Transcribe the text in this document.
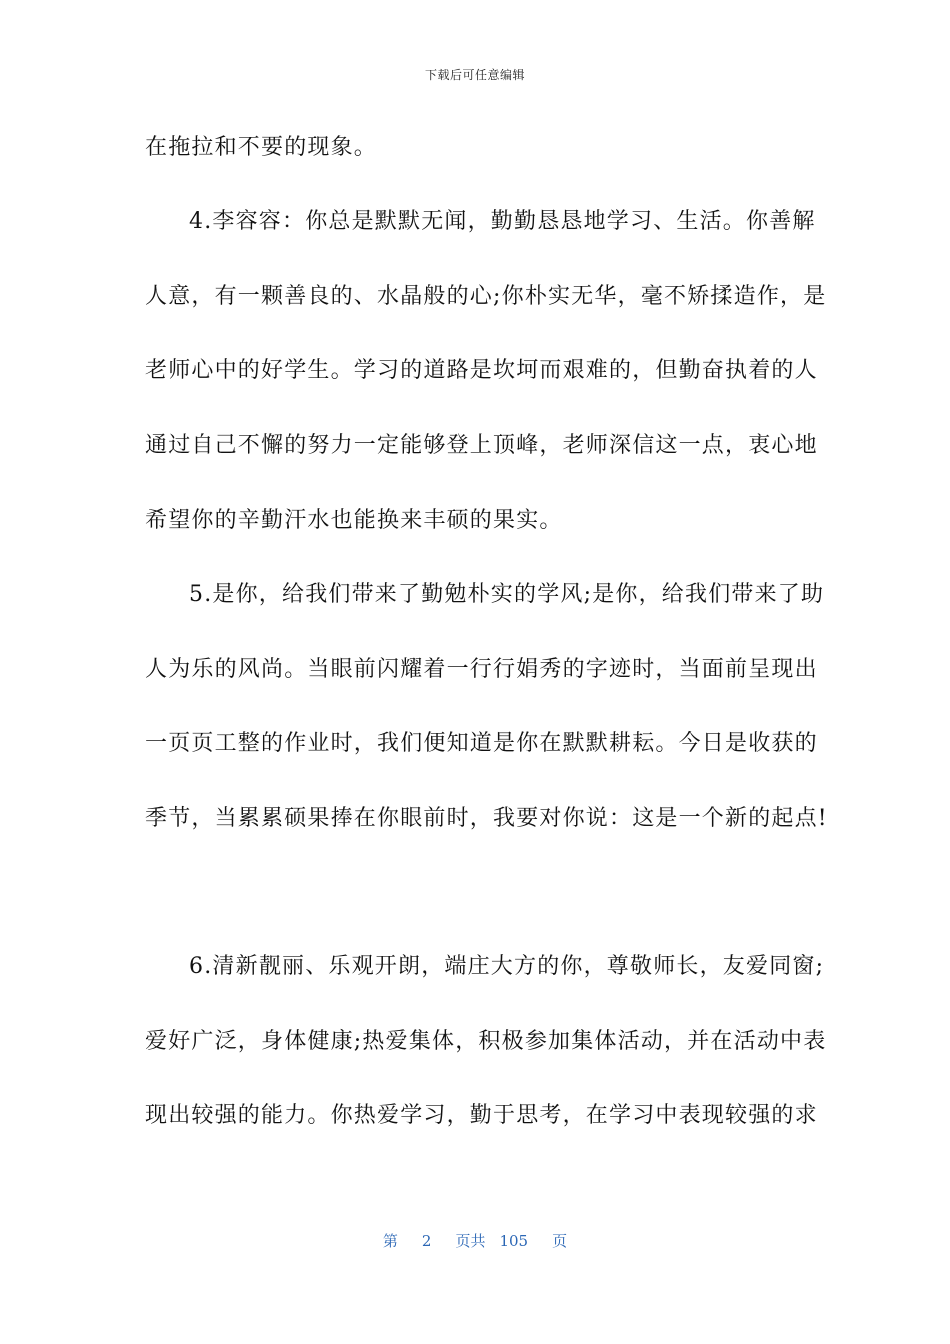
下载后可任意编辑
在拖拉和不要的现象。
4.李容容：你总是默默无闻，勤勤恳恳地学习、生活。你善解
人意，有一颗善良的、水晶般的心;你朴实无华，毫不矫揉造作，是
老师心中的好学生。学习的道路是坎坷而艰难的，但勤奋执着的人
通过自己不懈的努力一定能够登上顶峰，老师深信这一点，衷心地
希望你的辛勤汗水也能换来丰硕的果实。
5.是你，给我们带来了勤勉朴实的学风;是你，给我们带来了助
人为乐的风尚。当眼前闪耀着一行行娟秀的字迹时，当面前呈现出
一页页工整的作业时，我们便知道是你在默默耕耘。今日是收获的
季节，当累累硕果捧在你眼前时，我要对你说：这是一个新的起点!
6.清新靓丽、乐观开朗，端庄大方的你，尊敬师长，友爱同窗;
爱好广泛，身体健康;热爱集体，积极参加集体活动，并在活动中表
现出较强的能力。你热爱学习，勤于思考，在学习中表现较强的求
第 2 页共 105 页
